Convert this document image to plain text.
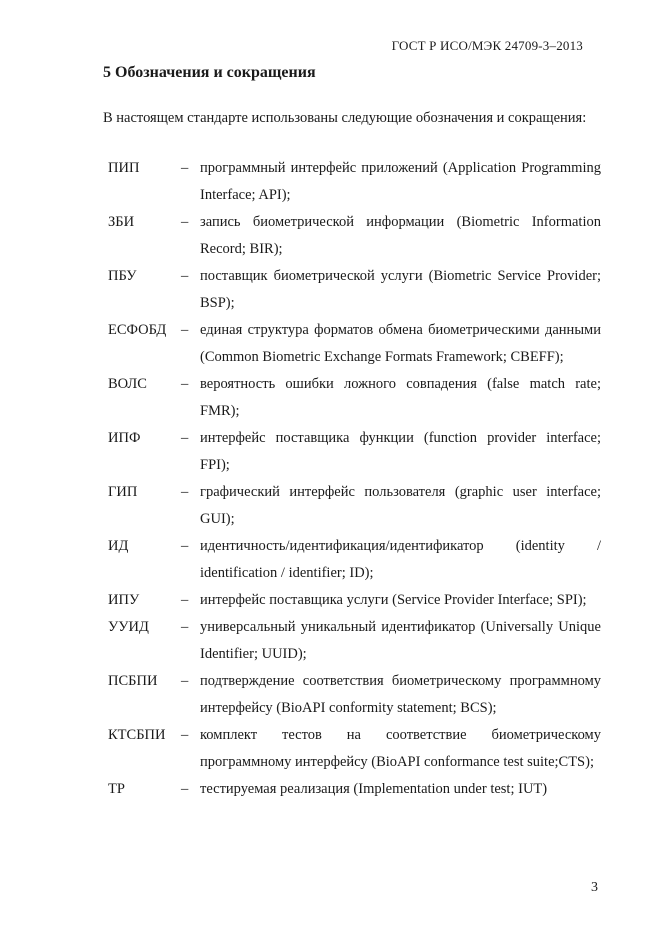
ГОСТ Р ИСО/МЭК 24709-3–2013
5 Обозначения и сокращения
В настоящем стандарте использованы следующие обозначения и сокращения:
ПИП	– программный интерфейс приложений (Application Programming Interface; API);
ЗБИ	– запись биометрической информации (Biometric Information Record; BIR);
ПБУ	– поставщик биометрической услуги (Biometric Service Provider; BSP);
ЕСФОБД	– единая структура форматов обмена биометрическими данными (Common Biometric Exchange Formats Framework; CBEFF);
ВОЛС	– вероятность ошибки ложного совпадения (false match rate; FMR);
ИПФ	– интерфейс поставщика функции (function provider interface; FPI);
ГИП	– графический интерфейс пользователя (graphic user interface; GUI);
ИД	– идентичность/идентификация/идентификатор (identity / identification / identifier; ID);
ИПУ	– интерфейс поставщика услуги (Service Provider Interface; SPI);
УУИД	– универсальный уникальный идентификатор (Universally Unique Identifier; UUID);
ПСБПИ	– подтверждение соответствия биометрическому программному интерфейсу (BioAPI conformity statement; BCS);
КТСБПИ	– комплект тестов на соответствие биометрическому программному интерфейсу (BioAPI conformance test suite;CTS);
ТР	– тестируемая реализация (Implementation under test; IUT)
3
